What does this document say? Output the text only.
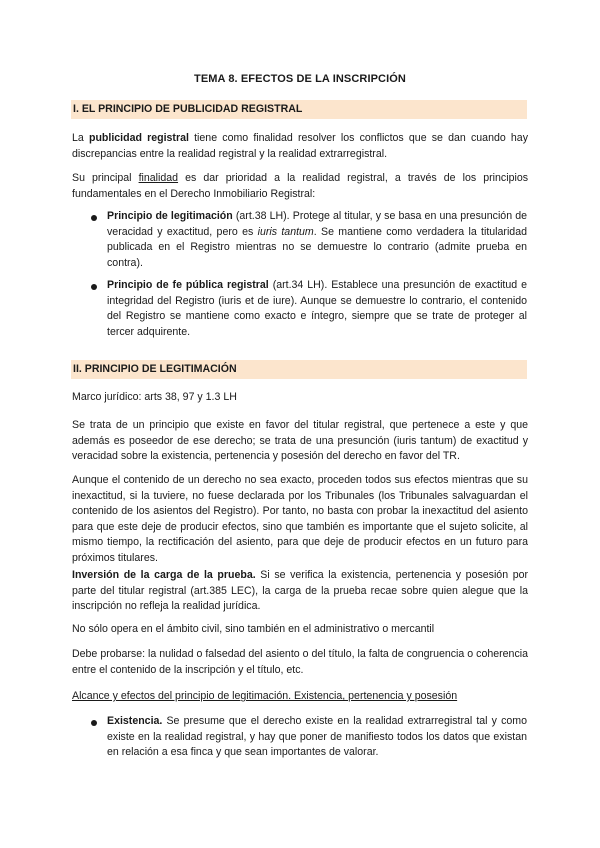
TEMA 8. EFECTOS DE LA INSCRIPCIÓN
I. EL PRINCIPIO DE PUBLICIDAD REGISTRAL

La publicidad registral tiene como finalidad resolver los conflictos que se dan cuando hay discrepancias entre la realidad registral y la realidad extrarregistral.

Su principal finalidad es dar prioridad a la realidad registral, a través de los principios fundamentales en el Derecho Inmobiliario Registral:

Principio de legitimación (art.38 LH). Protege al titular, y se basa en una presunción de veracidad y exactitud, pero es iuris tantum. Se mantiene como verdadera la titularidad publicada en el Registro mientras no se demuestre lo contrario (admite prueba en contra).

Principio de fe pública registral (art.34 LH). Establece una presunción de exactitud e integridad del Registro (iuris et de iure). Aunque se demuestre lo contrario, el contenido del Registro se mantiene como exacto e íntegro, siempre que se trate de proteger al tercer adquirente.

II. PRINCIPIO DE LEGITIMACIÓN

Marco jurídico: arts 38, 97 y 1.3 LH

Se trata de un principio que existe en favor del titular registral, que pertenece a este y que además es poseedor de ese derecho; se trata de una presunción (iuris tantum) de exactitud y veracidad sobre la existencia, pertenencia y posesión del derecho en favor del TR.

Aunque el contenido de un derecho no sea exacto, proceden todos sus efectos mientras que su inexactitud, si la tuviere, no fuese declarada por los Tribunales (los Tribunales salvaguardan el contenido de los asientos del Registro). Por tanto, no basta con probar la inexactitud del asiento para que este deje de producir efectos, sino que también es importante que el sujeto solicite, al mismo tiempo, la rectificación del asiento, para que deje de producir efectos en un futuro para próximos titulares.

Inversión de la carga de la prueba. Si se verifica la existencia, pertenencia y posesión por parte del titular registral (art.385 LEC), la carga de la prueba recae sobre quien alegue que la inscripción no refleja la realidad jurídica.

No sólo opera en el ámbito civil, sino también en el administrativo o mercantil

Debe probarse: la nulidad o falsedad del asiento o del título, la falta de congruencia o coherencia entre el contenido de la inscripción y el título, etc.

Alcance y efectos del principio de legitimación. Existencia, pertenencia y posesión

Existencia. Se presume que el derecho existe en la realidad extrarregistral tal y como existe en la realidad registral, y hay que poner de manifiesto todos los datos que existan en relación a esa finca y que sean importantes de valorar.
